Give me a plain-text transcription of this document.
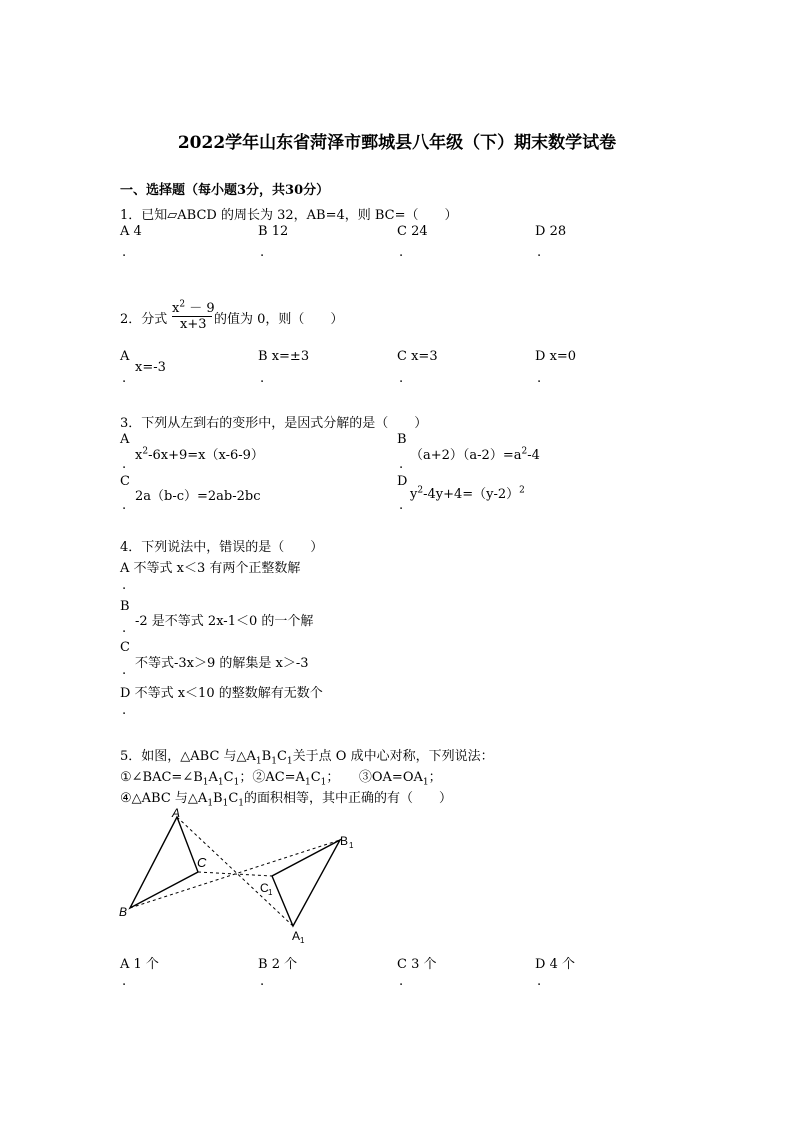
2022学年山东省菏泽市鄄城县八年级（下）期末数学试卷
一、选择题（每小题3分，共30分）
1．已知▱ABCD 的周长为 32，AB=4，则 BC=（　　）
A 4
.
B 12
.
C 24
.
D 28
.
2．分式
$x^2 - 9$
x+3 的值为 0，则（　　）
A
x=-3
.
B x=±3
.
C x=3
.
D x=0
.
3．下列从左到右的变形中，是因式分解的是（　　）
A
$x^2-6x+9=x(x-6-9)$
.
B
$(a+2)(a-2)=a^2-4$
.
C
2a（b-c）=2ab-2bc
.
D
$y^2-4y+4=(y-2)^2$
.
4．下列说法中，错误的是（　　）
A 不等式 x＜3 有两个正整数解
.
B
-2 是不等式 2x-1＜0 的一个解
.
C
不等式-3x＞9 的解集是 x＞-3
.
D 不等式 x＜10 的整数解有无数个
.
5．如图，△ABC 与$\triangle A_1B_1C_1$关于点 O 成中心对称，下列说法：
$①\angle BAC=\angle B_1A_1C_1$；$②AC=A_1C_1$；　　$③OA=OA_1$；
④△ABC 与$\triangle A_1B_1C_1$的面积相等，其中正确的有（　　）
A
B
C
B 1
C 1
A 1
A 1 个
.
B 2 个
.
C 3 个
.
D 4 个
.
